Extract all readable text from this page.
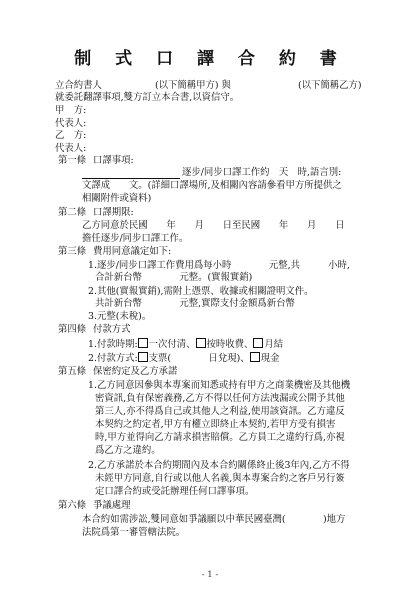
制 式 口 譯 合 約 書
立合約書人	(以下簡稱甲方) 與	(以下簡稱乙方)
就委託翻譯事項,雙方訂立本合書,以資信守。
甲　方:
代表人:
乙　方:
代表人:
第一條 口譯事項:
逐步/同步口譯工作約　天　時,語言別:
文譯成　　文。(詳細口譯場所,及相關內容請參看甲方所提供之
相關附件或資料)
第二條 口譯期限:
乙方同意於民國　　年　　月　　日至民國　　年　　月　　日
擔任逐步/同步口譯工作。
第三條 費用同意議定如下:
1.逐步/同步口譯工作費用爲每小時　　　　元整,共　　　小時,
合計新台幣　　　　元整。(實報實銷)
2.其他(實報實銷),需附上憑票、收據或相關證明文件。
共計新台幣　　　　元整,實際支付金額爲新台幣
3.元整(未稅)。
第四條 付款方式
1.付款時期: 一次付清、 按時收費、 月結
2.付款方式: 支票(　　　　日兌現)、 現金
第五條 保密約定及乙方承諾
1.乙方同意因參與本專案而知悉或持有甲方之商業機密及其他機
密資訊,負有保密義務,乙方不得以任何方法洩漏或公開予其他
第三人,亦不得爲自己或其他人之利益,使用該資訊。乙方違反
本契約之約定者,甲方有權立即終止本契約,若甲方受有損害
時,甲方並得向乙方請求損害賠償。乙方員工之違約行爲,亦視
爲乙方之違約。
2.乙方承諾於本合約期間內及本合約關係終止後3年內,乙方不得
未經甲方同意,自行或以他人名義,與本專案合約之客戶另行簽
定口譯合約或受託辦理任何口譯事項。
第六條 爭議處理
本合約如需涉訟,雙同意如爭議願以中華民國臺灣(　　　　)地方
法院爲第一審管轄法院。
- 1 -
